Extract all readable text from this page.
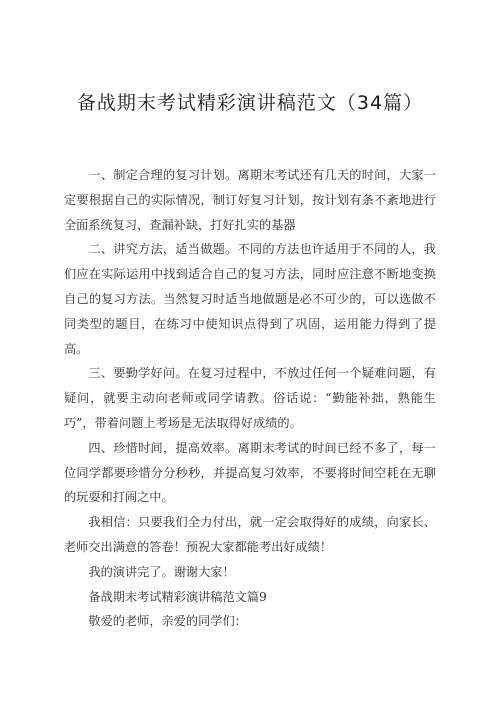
备战期末考试精彩演讲稿范文（34篇）

一、制定合理的复习计划。离期末考试还有几天的时间，大家一定要根据自己的实际情况，制订好复习计划，按计划有条不紊地进行全面系统复习，查漏补缺，打好扎实的基器

二、讲究方法，适当做题。不同的方法也许适用于不同的人，我们应在实际运用中找到适合自己的复习方法，同时应注意不断地变换自己的复习方法。当然复习时适当地做题是必不可少的，可以选做不同类型的题目，在练习中使知识点得到了巩固，运用能力得到了提高。

三、要勤学好问。在复习过程中，不放过任何一个疑难问题，有疑问，就要主动向老师或同学请教。俗话说：“勤能补拙，熟能生巧”，带着问题上考场是无法取得好成绩的。

四、珍惜时间，提高效率。离期末考试的时间已经不多了，每一位同学都要珍惜分分秒秒，并提高复习效率，不要将时间空耗在无聊的玩耍和打闹之中。

我相信：只要我们全力付出，就一定会取得好的成绩，向家长、老师交出满意的答卷！预祝大家都能考出好成绩！

我的演讲完了。谢谢大家！

备战期末考试精彩演讲稿范文篇9

敬爱的老师，亲爱的同学们：
